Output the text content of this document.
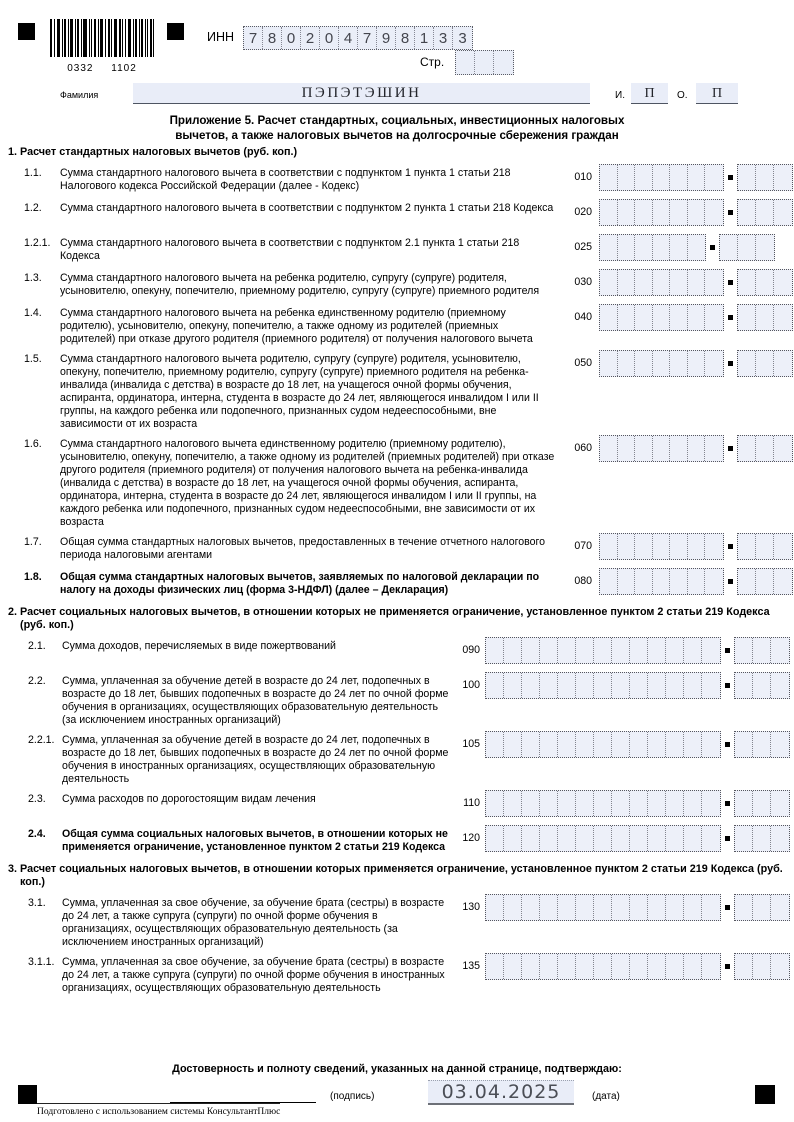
0332 1102
ИНН 7 8 0 2 0 4 7 9 8 1 3 3
Стр.
Фамилия	ПЭПЭТЭШИН	И.	П	О.	П
Приложение 5. Расчет стандартных, социальных, инвестиционных налоговых
вычетов, а также налоговых вычетов на долгосрочные сбережения граждан
1. Расчет стандартных налоговых вычетов (руб. коп.)
1.1. Сумма стандартного налогового вычета в соответствии с подпунктом 1 пункта 1 статьи 218 Налогового кодекса Российской Федерации (далее - Кодекс)
010
1.2. Сумма стандартного налогового вычета в соответствии с подпунктом 2 пункта 1 статьи 218 Кодекса	020
1.2.1. Сумма стандартного налогового вычета в соответствии с подпунктом 2.1 пункта 1 статьи 218 Кодекса
025
1.3. Сумма стандартного налогового вычета на ребенка родителю, супругу (супруге) родителя, усыновителю, опекуну, попечителю, приемному родителю, супругу (супруге) приемного родителя
030
1.4. Сумма стандартного налогового вычета на ребенка единственному родителю (приемному родителю), усыновителю, опекуну, попечителю, а также одному из родителей (приемных родителей) при отказе другого родителя (приемного родителя) от получения налогового вычета
040
1.5. Сумма стандартного налогового вычета родителю, супругу (супруге) родителя, усыновителю, опекуну, попечителю, приемному родителю, супругу (супруге) приемного родителя на ребенка-инвалида (инвалида с детства) в возрасте до 18 лет, на учащегося очной формы обучения, аспиранта, ординатора, интерна, студента в возрасте до 24 лет, являющегося инвалидом I или II группы, на каждого ребенка или подопечного, признанных судом недееспособными, вне зависимости от их возраста
050
1.6. Сумма стандартного налогового вычета единственному родителю (приемному родителю), усыновителю, опекуну, попечителю, а также одному из родителей (приемных родителей) при отказе другого родителя (приемного родителя) от получения налогового вычета на ребенка-инвалида (инвалида с детства) в возрасте до 18 лет, на учащегося очной формы обучения, аспиранта, ординатора, интерна, студента в возрасте до 24 лет, являющегося инвалидом I или II группы, на каждого ребенка или подопечного, признанных судом недееспособными, вне зависимости от их возраста
060
1.7. Общая сумма стандартных налоговых вычетов, предоставленных в течение отчетного налогового периода налоговыми агентами
070
1.8. Общая сумма стандартных налоговых вычетов, заявляемых по налоговой декларации по налогу на доходы физических лиц (форма 3-НДФЛ) (далее – Декларация)
080
2. Расчет социальных налоговых вычетов, в отношении которых не применяется ограничение, установленное пунктом 2 статьи 219 Кодекса (руб. коп.)
2.1. Сумма доходов, перечисляемых в виде пожертвований	090
2.2. Сумма, уплаченная за обучение детей в возрасте до 24 лет, подопечных в возрасте до 18 лет, бывших подопечных в возрасте до 24 лет по очной форме обучения в организациях, осуществляющих образовательную деятельность (за исключением иностранных организаций)
100
2.2.1. Сумма, уплаченная за обучение детей в возрасте до 24 лет, подопечных в возрасте до 18 лет, бывших подопечных в возрасте до 24 лет по очной форме обучения в иностранных организациях, осуществляющих образовательную деятельность
105
2.3. Сумма расходов по дорогостоящим видам лечения	110
2.4. Общая сумма социальных налоговых вычетов, в отношении которых не применяется ограничение, установленное пунктом 2 статьи 219 Кодекса
120
3. Расчет социальных налоговых вычетов, в отношении которых применяется ограничение, установленное пунктом 2 статьи 219 Кодекса (руб. коп.)
3.1. Сумма, уплаченная за свое обучение, за обучение брата (сестры) в возрасте до 24 лет, а также супруга (супруги) по очной форме обучения в организациях, осуществляющих образовательную деятельность (за исключением иностранных организаций)
130
3.1.1. Сумма, уплаченная за свое обучение, за обучение брата (сестры) в возрасте до 24 лет, а также супруга (супруги) по очной форме обучения в иностранных организациях, осуществляющих образовательную деятельность
135
Достоверность и полноту сведений, указанных на данной странице, подтверждаю:
(подпись)	03.04.2025	(дата)
Подготовлено с использованием системы КонсультантПлюс
